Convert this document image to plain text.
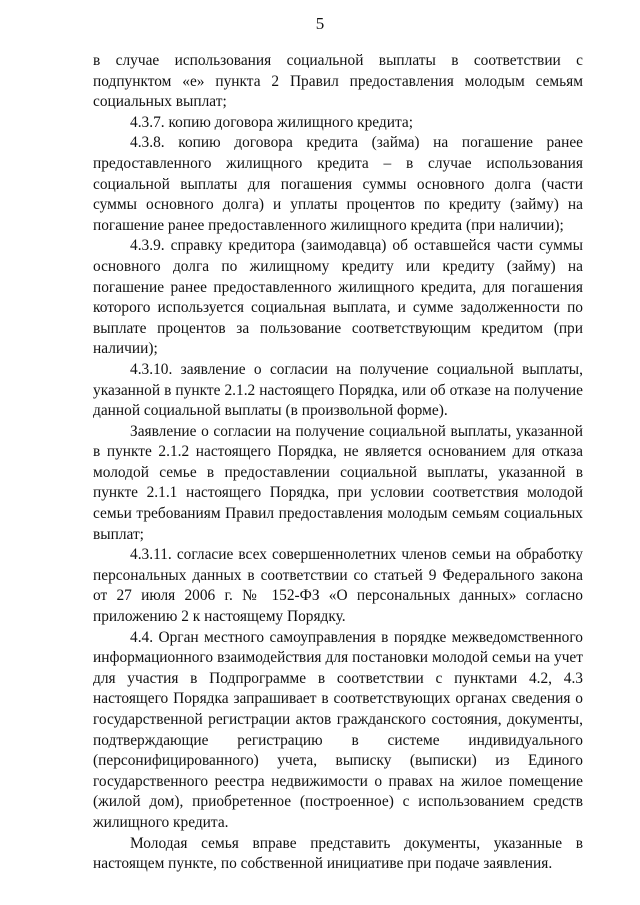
5

в случае использования социальной выплаты в соответствии с подпунктом «е» пункта 2 Правил предоставления молодым семьям социальных выплат;

4.3.7. копию договора жилищного кредита;

4.3.8. копию договора кредита (займа) на погашение ранее предоставленного жилищного кредита – в случае использования социальной выплаты для погашения суммы основного долга (части суммы основного долга) и уплаты процентов по кредиту (займу) на погашение ранее предоставленного жилищного кредита (при наличии);

4.3.9. справку кредитора (заимодавца) об оставшейся части суммы основного долга по жилищному кредиту или кредиту (займу) на погашение ранее предоставленного жилищного кредита, для погашения которого используется социальная выплата, и сумме задолженности по выплате процентов за пользование соответствующим кредитом (при наличии);

4.3.10. заявление о согласии на получение социальной выплаты, указанной в пункте 2.1.2 настоящего Порядка, или об отказе на получение данной социальной выплаты (в произвольной форме).

Заявление о согласии на получение социальной выплаты, указанной в пункте 2.1.2 настоящего Порядка, не является основанием для отказа молодой семье в предоставлении социальной выплаты, указанной в пункте 2.1.1 настоящего Порядка, при условии соответствия молодой семьи требованиям Правил предоставления молодым семьям социальных выплат;

4.3.11. согласие всех совершеннолетних членов семьи на обработку персональных данных в соответствии со статьей 9 Федерального закона от 27 июля 2006 г. № 152-ФЗ «О персональных данных» согласно приложению 2 к настоящему Порядку.

4.4. Орган местного самоуправления в порядке межведомственного информационного взаимодействия для постановки молодой семьи на учет для участия в Подпрограмме в соответствии с пунктами 4.2, 4.3 настоящего Порядка запрашивает в соответствующих органах сведения о государственной регистрации актов гражданского состояния, документы, подтверждающие регистрацию в системе индивидуального (персонифицированного) учета, выписку (выписки) из Единого государственного реестра недвижимости о правах на жилое помещение (жилой дом), приобретенное (построенное) с использованием средств жилищного кредита.

Молодая семья вправе представить документы, указанные в настоящем пункте, по собственной инициативе при подаче заявления.
